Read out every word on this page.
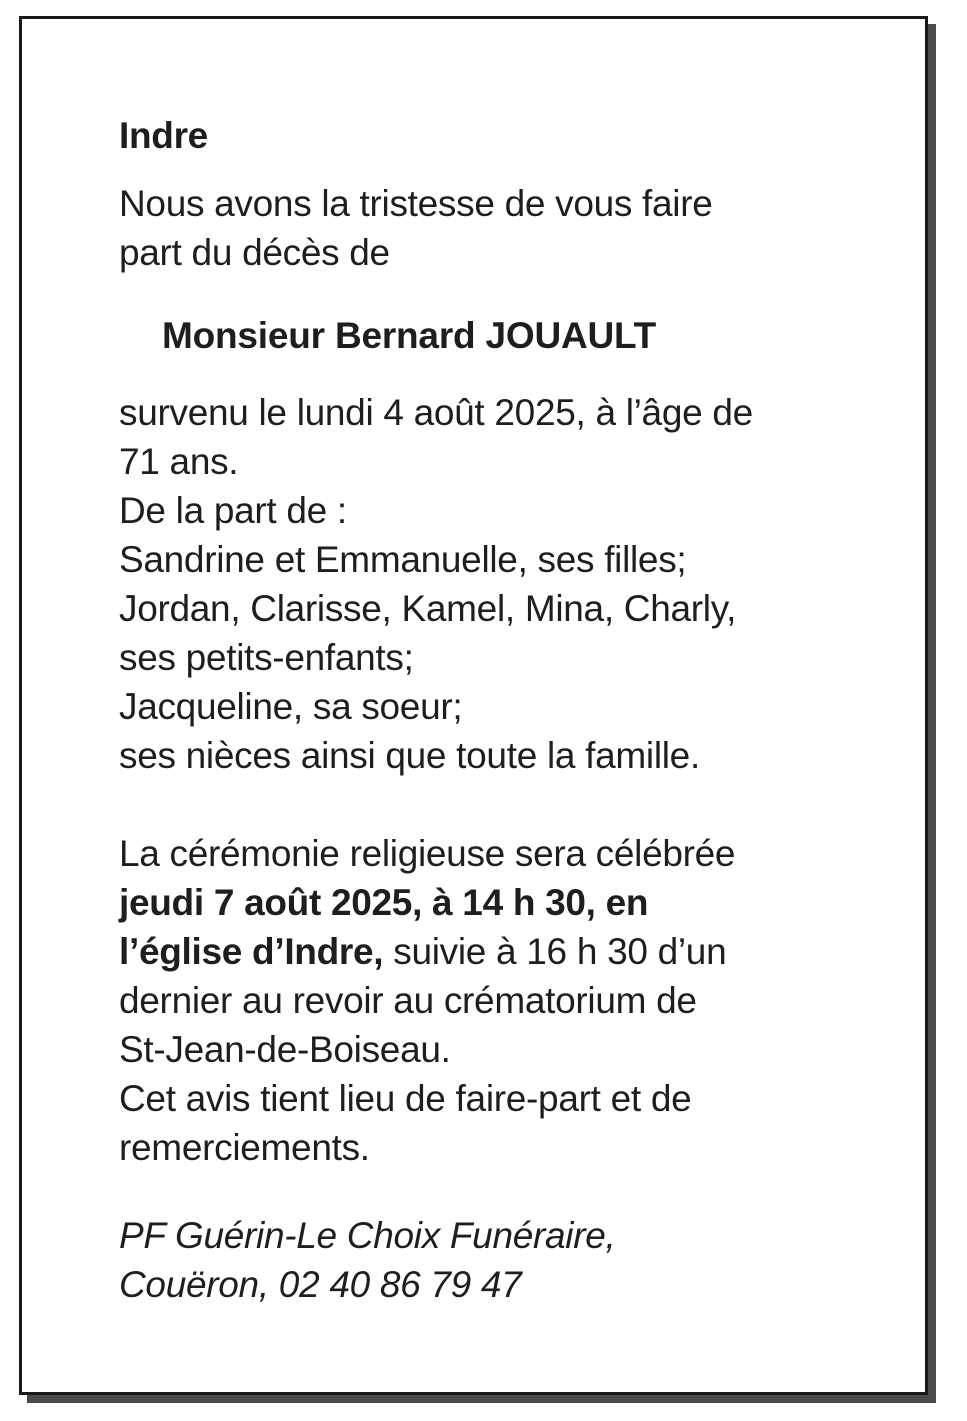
Indre

Nous avons la tristesse de vous faire
part du décès de

Monsieur Bernard JOUAULT

survenu le lundi 4 août 2025, à l’âge de
71 ans.
De la part de :
Sandrine et Emmanuelle, ses filles;
Jordan, Clarisse, Kamel, Mina, Charly,
ses petits-enfants;
Jacqueline, sa soeur;
ses nièces ainsi que toute la famille.

La cérémonie religieuse sera célébrée
jeudi 7 août 2025, à 14 h 30, en
l’église d’Indre, suivie à 16 h 30 d’un
dernier au revoir au crématorium de
St-Jean-de-Boiseau.
Cet avis tient lieu de faire-part et de
remerciements.

PF Guérin-Le Choix Funéraire,
Couëron, 02 40 86 79 47
